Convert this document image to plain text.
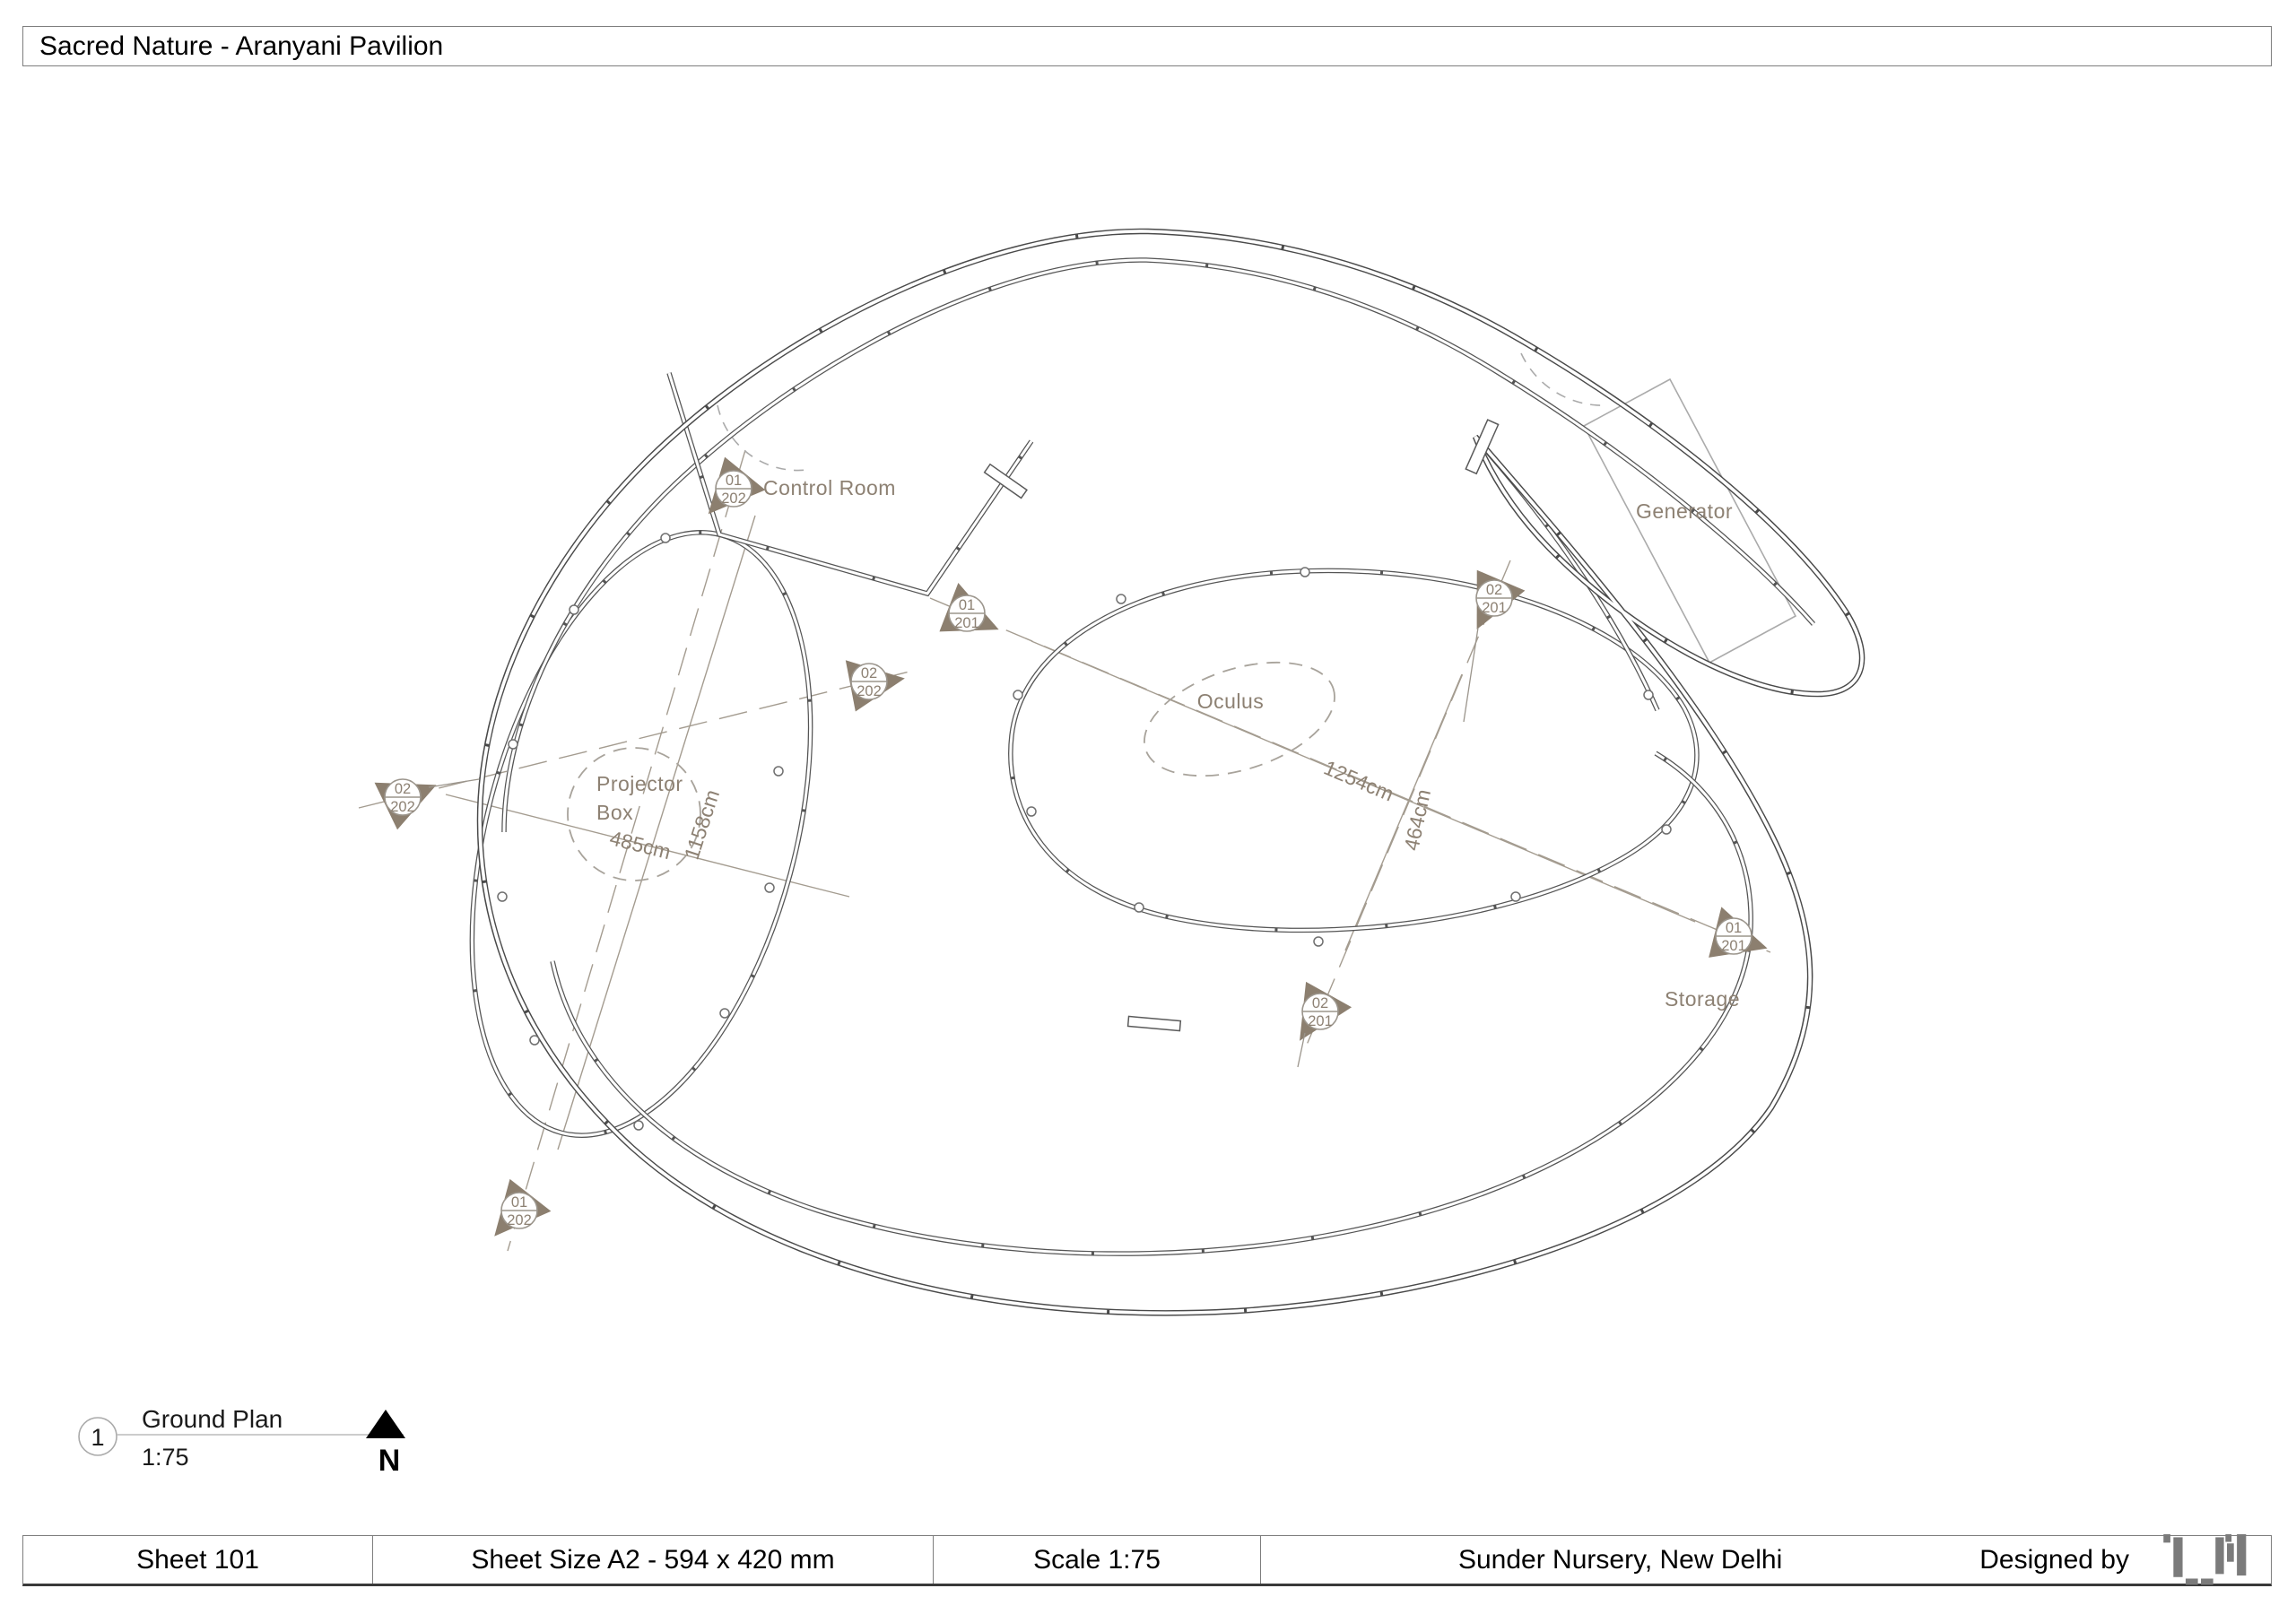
Sacred Nature - Aranyani Pavilion
01
202
02
202
01
201
02
201
02
202
01
201
02
201
01
202
Control Room
Generator
Oculus
Projector
Box
Storage
485cm 1158cm
1254cm
464cm
1
Ground Plan
1:75	N
Sheet 101	Sheet Size A2 - 594 x 420 mm	Scale 1:75	Sunder Nursery, New Delhi	Designed by
